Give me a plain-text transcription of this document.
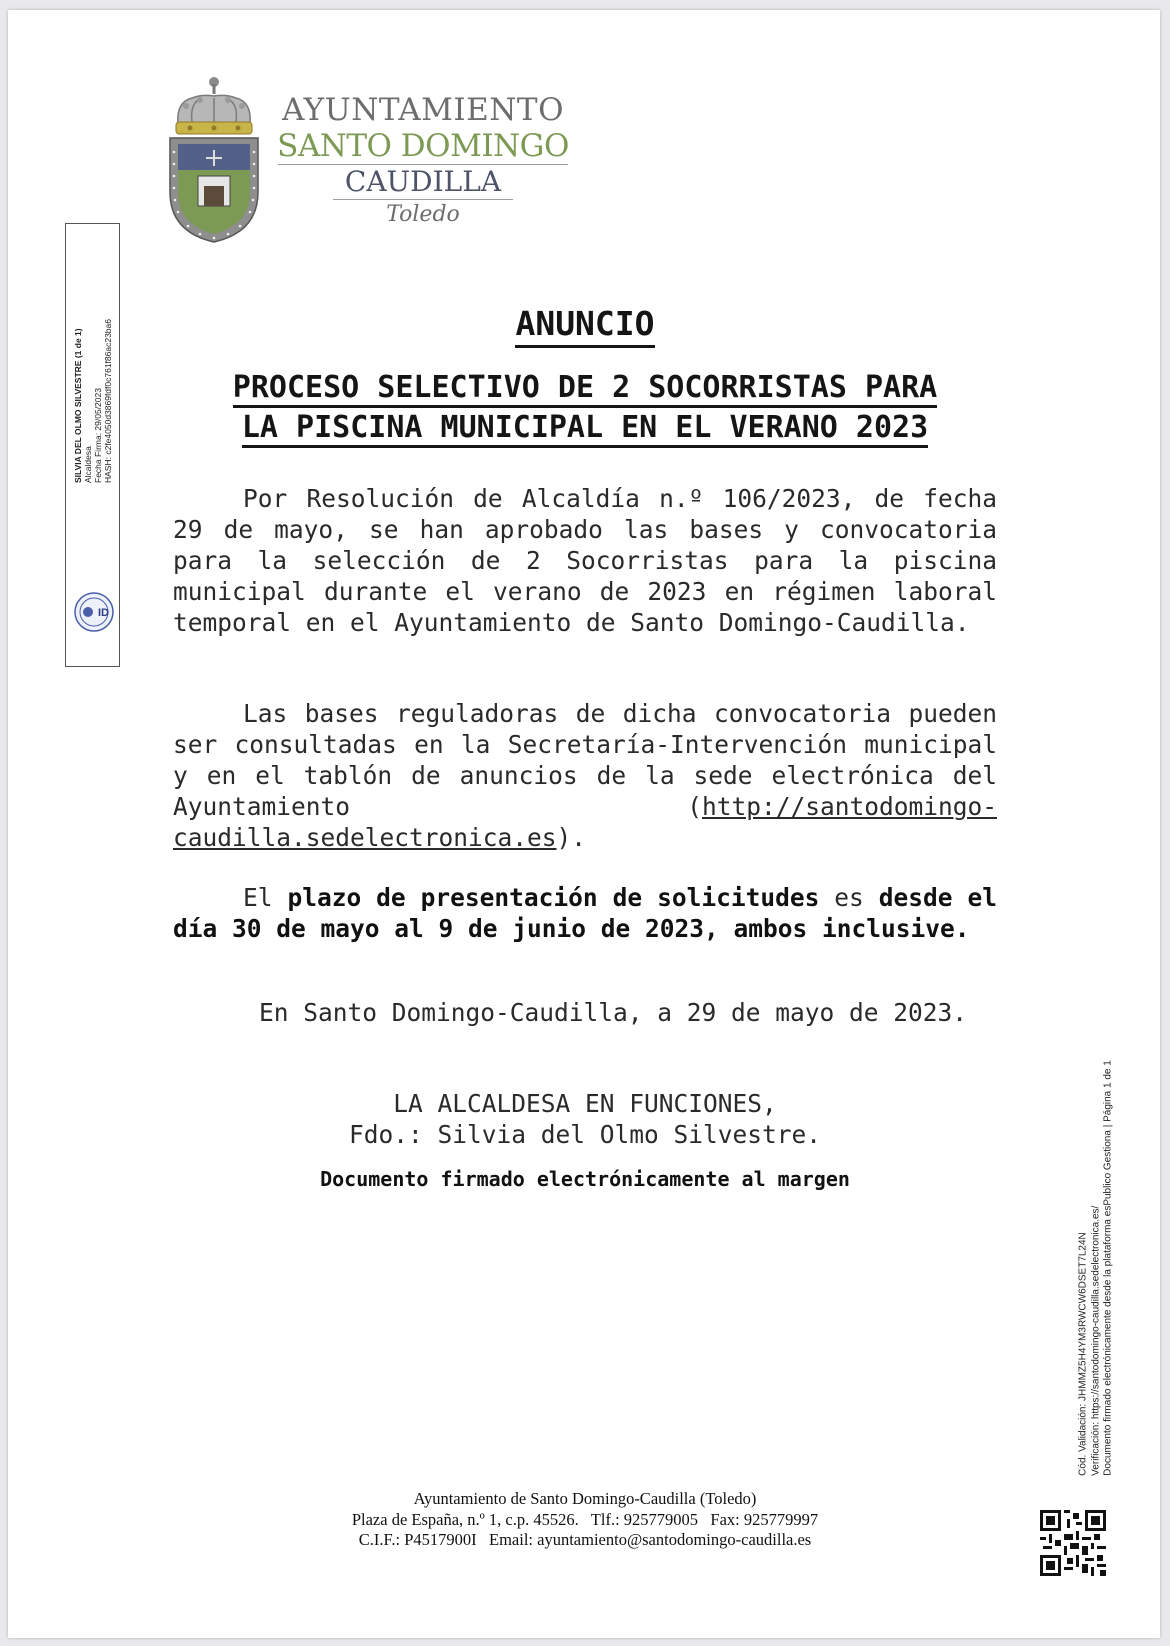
AYUNTAMIENTO
SANTO DOMINGO
CAUDILLA
Toledo
SILVIA DEL OLMO SILVESTRE (1 de 1) Alcaldesa Fecha Firma: 29/05/2023 HASH: c2fe4050d3869fdf0c761f86ac23ba6
ID
Cód. Validación: JHMMZ5H4YM3RWCW6DSET7L24N Verificación: https://santodomingo-caudilla.sedelectronica.es/ Documento firmado electrónicamente desde la plataforma esPublico Gestiona | Página 1 de 1
ANUNCIO
PROCESO SELECTIVO DE 2 SOCORRISTAS PARA
LA PISCINA MUNICIPAL EN EL VERANO 2023
Por Resolución de Alcaldía n.º 106/2023, de fecha 29 de mayo, se han aprobado las bases y convocatoria para la selección de 2 Socorristas para la piscina municipal durante el verano de 2023 en régimen laboral temporal en el Ayuntamiento de Santo Domingo-Caudilla.
Las bases reguladoras de dicha convocatoria pueden ser consultadas en la Secretaría-Intervención municipal y en el tablón de anuncios de la sede electrónica del Ayuntamiento (http://santodomingo-caudilla.sedelectronica.es).
El plazo de presentación de solicitudes es desde el día 30 de mayo al 9 de junio de 2023, ambos inclusive.
En Santo Domingo-Caudilla, a 29 de mayo de 2023.
LA ALCALDESA EN FUNCIONES,
Fdo.: Silvia del Olmo Silvestre.
Documento firmado electrónicamente al margen
Ayuntamiento de Santo Domingo-Caudilla (Toledo)
Plaza de España, n.º 1, c.p. 45526.   Tlf.: 925779005   Fax: 925779997
C.I.F.: P4517900I   Email: ayuntamiento@santodomingo-caudilla.es
